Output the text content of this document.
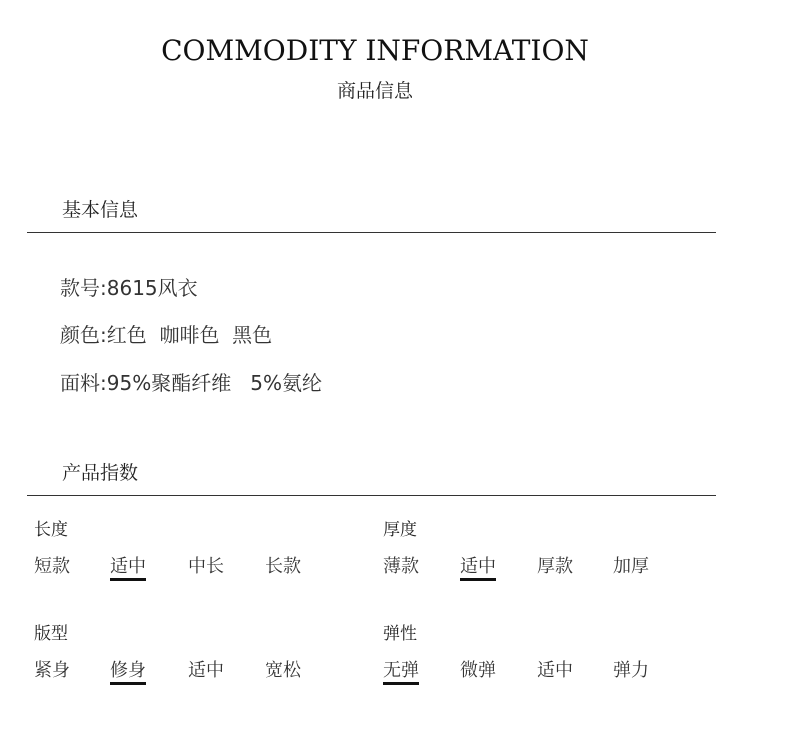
COMMODITY INFORMATION
商品信息
基本信息
款号:8615风衣
颜色:红色  咖啡色  黑色
面料:95%聚酯纤维   5%氨纶
产品指数
长度
短款 适中 中长 长款
厚度
薄款 适中 厚款 加厚
版型
紧身 修身 适中 宽松
弹性
无弹 微弹 适中 弹力
